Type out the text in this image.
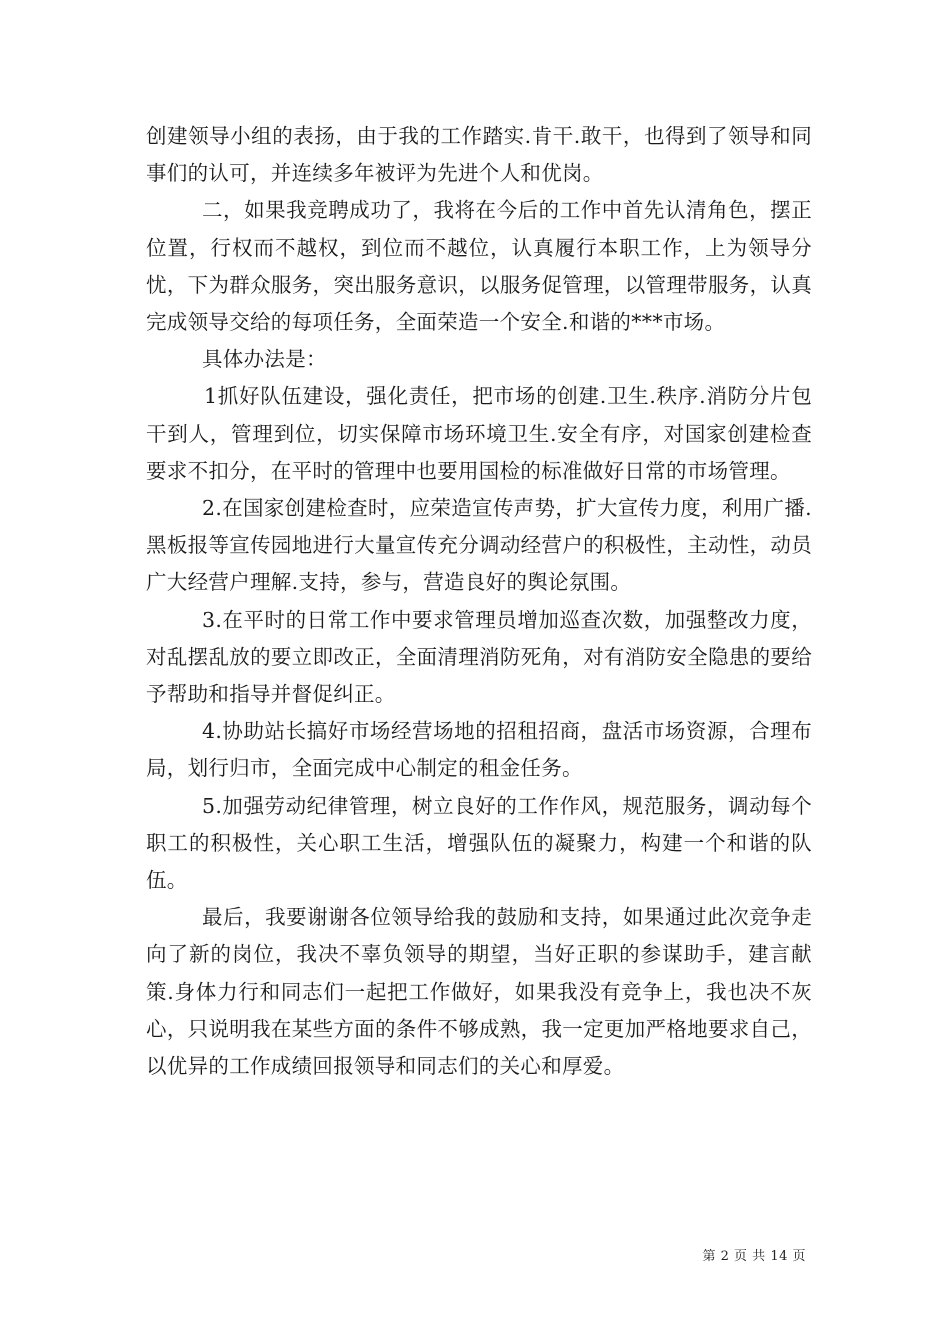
创建领导小组的表扬，由于我的工作踏实.肯干.敢干，也得到了领导和同事们的认可，并连续多年被评为先进个人和优岗。

二，如果我竞聘成功了，我将在今后的工作中首先认清角色，摆正位置，行权而不越权，到位而不越位，认真履行本职工作，上为领导分忧，下为群众服务，突出服务意识，以服务促管理，以管理带服务，认真完成领导交给的每项任务，全面荣造一个安全.和谐的***市场。

具体办法是：

1抓好队伍建设，强化责任，把市场的创建.卫生.秩序.消防分片包干到人，管理到位，切实保障市场环境卫生.安全有序，对国家创建检查要求不扣分，在平时的管理中也要用国检的标准做好日常的市场管理。

2.在国家创建检查时，应荣造宣传声势，扩大宣传力度，利用广播.黑板报等宣传园地进行大量宣传充分调动经营户的积极性，主动性，动员广大经营户理解.支持，参与，营造良好的舆论氛围。

3.在平时的日常工作中要求管理员增加巡查次数，加强整改力度，对乱摆乱放的要立即改正，全面清理消防死角，对有消防安全隐患的要给予帮助和指导并督促纠正。

4.协助站长搞好市场经营场地的招租招商，盘活市场资源，合理布局，划行归市，全面完成中心制定的租金任务。

5.加强劳动纪律管理，树立良好的工作作风，规范服务，调动每个职工的积极性，关心职工生活，增强队伍的凝聚力，构建一个和谐的队伍。

最后，我要谢谢各位领导给我的鼓励和支持，如果通过此次竞争走向了新的岗位，我决不辜负领导的期望，当好正职的参谋助手，建言献策.身体力行和同志们一起把工作做好，如果我没有竞争上，我也决不灰心，只说明我在某些方面的条件不够成熟，我一定更加严格地要求自己，以优异的工作成绩回报领导和同志们的关心和厚爱。

第 2 页 共 14 页
